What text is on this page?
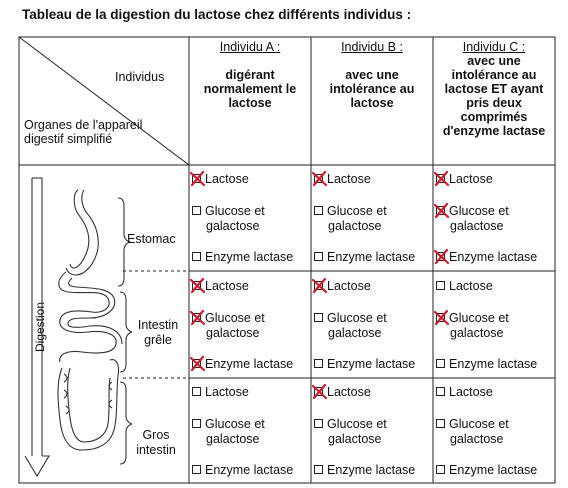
Tableau de la digestion du lactose chez différents individus :
Individus
Organes de l'appareil digestif simplifié
Individu A :
digérant normalement le lactose
Individu B :
avec une intolérance au lactose
Individu C :
avec une intolérance au lactose ET ayant pris deux comprimés d'enzyme lactase
Digestion
Estomac
Intestin grêle
Gros intestin
Lactose
Glucose et
galactose
Enzyme lactase
Lactose
Glucose et
galactose
Enzyme lactase
Lactose
Glucose et
galactose
Enzyme lactase
Lactose
Glucose et
galactose
Enzyme lactase
Lactose
Glucose et
galactose
Enzyme lactase
Lactose
Glucose et
galactose
Enzyme lactase
Lactose
Glucose et
galactose
Enzyme lactase
Lactose
Glucose et
galactose
Enzyme lactase
Lactose
Glucose et
galactose
Enzyme lactase
